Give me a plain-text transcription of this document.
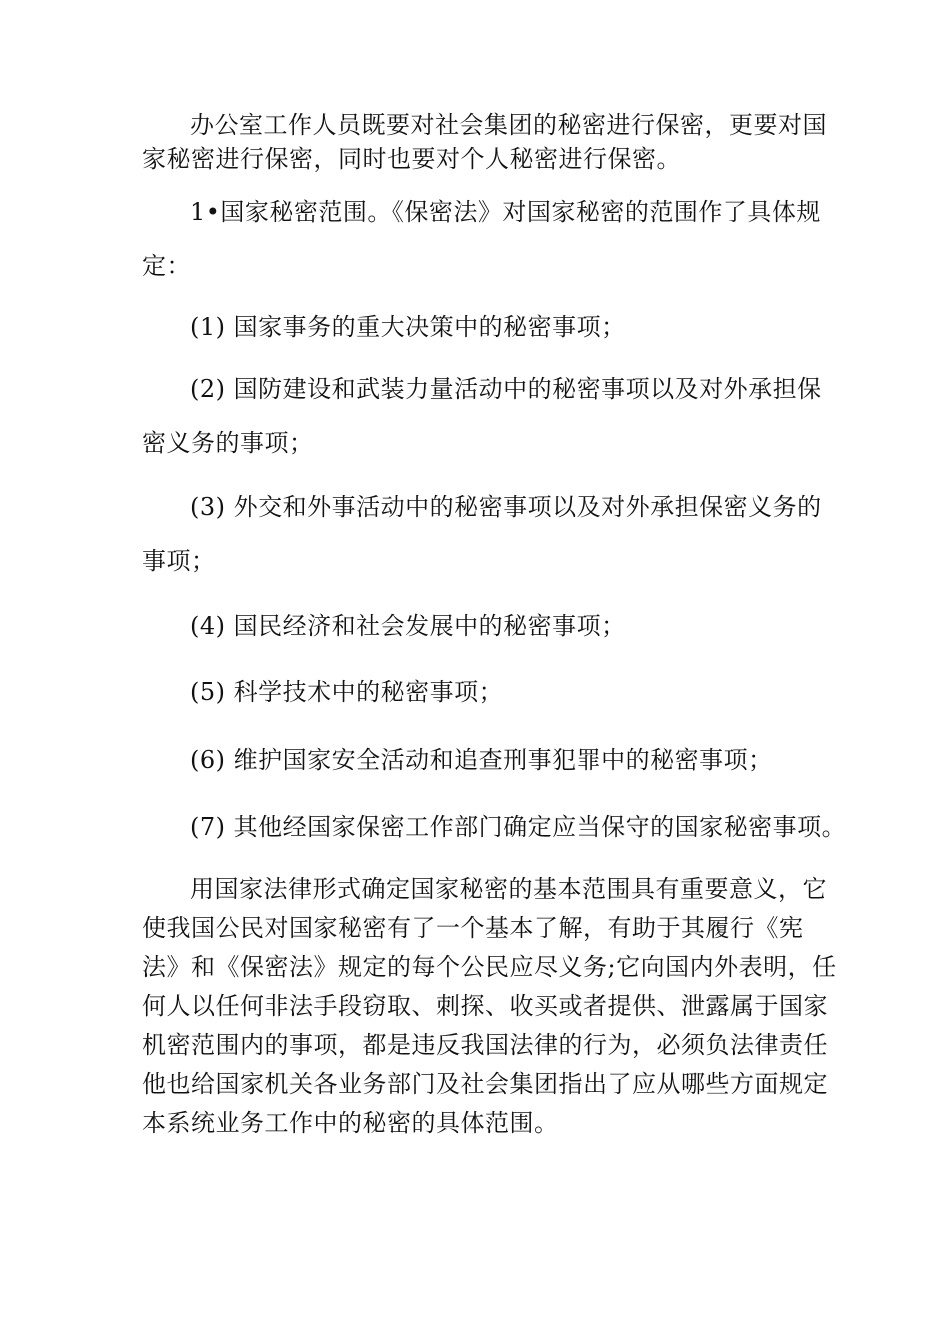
办公室工作人员既要对社会集团的秘密进行保密，更要对国
家秘密进行保密，同时也要对个人秘密进行保密。

1•国家秘密范围。《保密法》对国家秘密的范围作了具体规
定：

(1) 国家事务的重大决策中的秘密事项；

(2) 国防建设和武装力量活动中的秘密事项以及对外承担保
密义务的事项；

(3) 外交和外事活动中的秘密事项以及对外承担保密义务的
事项；

(4) 国民经济和社会发展中的秘密事项；

(5) 科学技术中的秘密事项；

(6) 维护国家安全活动和追查刑事犯罪中的秘密事项；

(7) 其他经国家保密工作部门确定应当保守的国家秘密事项。

用国家法律形式确定国家秘密的基本范围具有重要意义，它
使我国公民对国家秘密有了一个基本了解，有助于其履行《宪
法》和《保密法》规定的每个公民应尽义务;它向国内外表明，任
何人以任何非法手段窃取、刺探、收买或者提供、泄露属于国家
机密范围内的事项，都是违反我国法律的行为，必须负法律责任
他也给国家机关各业务部门及社会集团指出了应从哪些方面规定
本系统业务工作中的秘密的具体范围。
